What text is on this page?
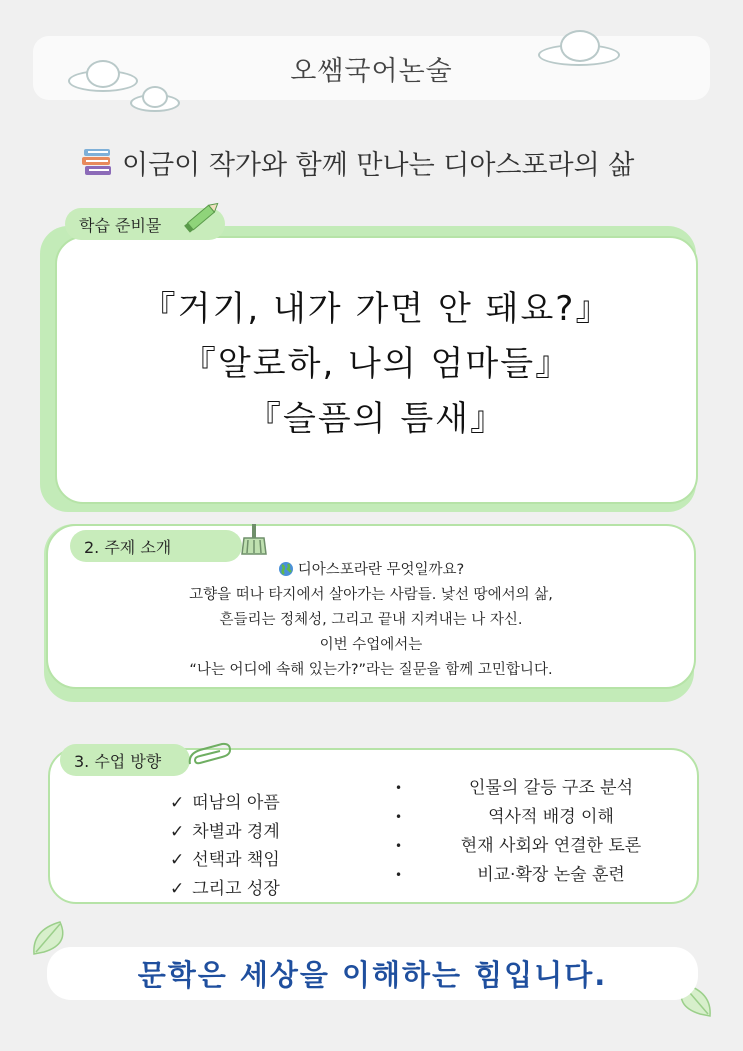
오쌤국어논술
이금이 작가와 함께 만나는 디아스포라의 삶
학습 준비물
『거기, 내가 가면 안 돼요?』
『알로하, 나의 엄마들』
『슬픔의 틈새』
2. 주제 소개
디아스포라란 무엇일까요?
고향을 떠나 타지에서 살아가는 사람들. 낯선 땅에서의 삶,
흔들리는 정체성, 그리고 끝내 지켜내는 나 자신.
이번 수업에서는
“나는 어디에 속해 있는가?”라는 질문을 함께 고민합니다.
3. 수업 방향
✓ 떠남의 아픔
✓ 차별과 경계
✓ 선택과 책임
✓ 그리고 성장
•	인물의 갈등 구조 분석
•	역사적 배경 이해
•	현재 사회와 연결한 토론
•	비교·확장 논술 훈련
문학은 세상을 이해하는 힘입니다.
